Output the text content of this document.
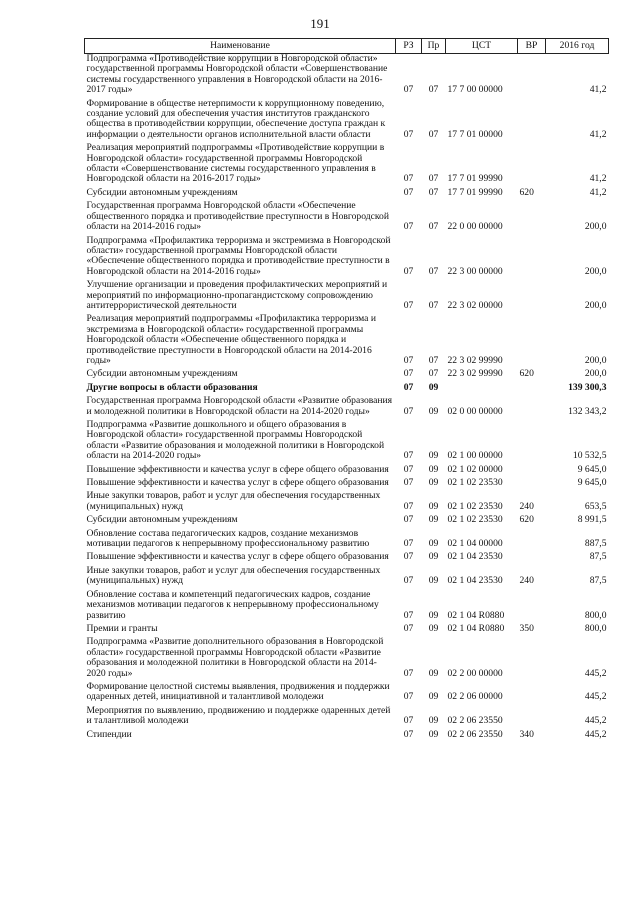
191
Наименование	РЗ	Пр	ЦСТ	ВР	2016 год
Подпрограмма «Противодействие коррупции в Новгородской области» государственной программы Новгородской области «Совершенствование системы государственного управления в Новгородской области на 2016-2017 годы»	07	07	17 7 00 00000		41,2
Формирование в обществе нетерпимости к коррупционному поведению, создание условий для обеспечения участия институтов гражданского общества в противодействии коррупции, обеспечение доступа граждан к информации о деятельности органов исполнительной власти области	07	07	17 7 01 00000		41,2
Реализация мероприятий подпрограммы «Противодействие коррупции в Новгородской области» государственной программы Новгородской области «Совершенствование системы государственного управления в Новгородской области на 2016-2017 годы»	07	07	17 7 01 99990		41,2
Субсидии автономным учреждениям	07	07	17 7 01 99990	620	41,2
Государственная программа Новгородской области «Обеспечение общественного порядка и противодействие преступности в Новгородской области на 2014-2016 годы»	07	07	22 0 00 00000		200,0
Подпрограмма «Профилактика терроризма и экстремизма в Новгородской области» государственной программы Новгородской области «Обеспечение общественного порядка и противодействие преступности в Новгородской области на 2014-2016 годы»	07	07	22 3 00 00000		200,0
Улучшение организации и проведения профилактических мероприятий и мероприятий по информационно-пропагандистскому сопровождению антитеррористической деятельности	07	07	22 3 02 00000		200,0
Реализация мероприятий подпрограммы «Профилактика терроризма и экстремизма в Новгородской области» государственной программы Новгородской области «Обеспечение общественного порядка и противодействие преступности в Новгородской области на 2014-2016 годы»	07	07	22 3 02 99990		200,0
Субсидии автономным учреждениям	07	07	22 3 02 99990	620	200,0
Другие вопросы в области образования	07	09			139 300,3
Государственная программа Новгородской области «Развитие образования и молодежной политики в Новгородской области на 2014-2020 годы»	07	09	02 0 00 00000		132 343,2
Подпрограмма «Развитие дошкольного и общего образования в Новгородской области» государственной программы Новгородской области «Развитие образования и молодежной политики в Новгородской области на 2014-2020 годы»	07	09	02 1 00 00000		10 532,5
Повышение эффективности и качества услуг в сфере общего образования	07	09	02 1 02 00000		9 645,0
Повышение эффективности и качества услуг в сфере общего образования	07	09	02 1 02 23530		9 645,0
Иные закупки товаров, работ и услуг для обеспечения государственных (муниципальных) нужд	07	09	02 1 02 23530	240	653,5
Субсидии автономным учреждениям	07	09	02 1 02 23530	620	8 991,5
Обновление состава педагогических кадров, создание механизмов мотивации педагогов к непрерывному профессиональному развитию	07	09	02 1 04 00000		887,5
Повышение эффективности и качества услуг в сфере общего образования	07	09	02 1 04 23530		87,5
Иные закупки товаров, работ и услуг для обеспечения государственных (муниципальных) нужд	07	09	02 1 04 23530	240	87,5
Обновление состава и компетенций педагогических кадров, создание механизмов мотивации педагогов к непрерывному профессиональному развитию	07	09	02 1 04 R0880		800,0
Премии и гранты	07	09	02 1 04 R0880	350	800,0
Подпрограмма «Развитие дополнительного образования в Новгородской области» государственной программы Новгородской области «Развитие образования и молодежной политики в Новгородской области на 2014-2020 годы»	07	09	02 2 00 00000		445,2
Формирование целостной системы выявления, продвижения и поддержки одаренных детей, инициативной и талантливой молодежи	07	09	02 2 06 00000		445,2
Мероприятия по выявлению, продвижению и поддержке одаренных детей и талантливой молодежи	07	09	02 2 06 23550		445,2
Стипендии	07	09	02 2 06 23550	340	445,2
